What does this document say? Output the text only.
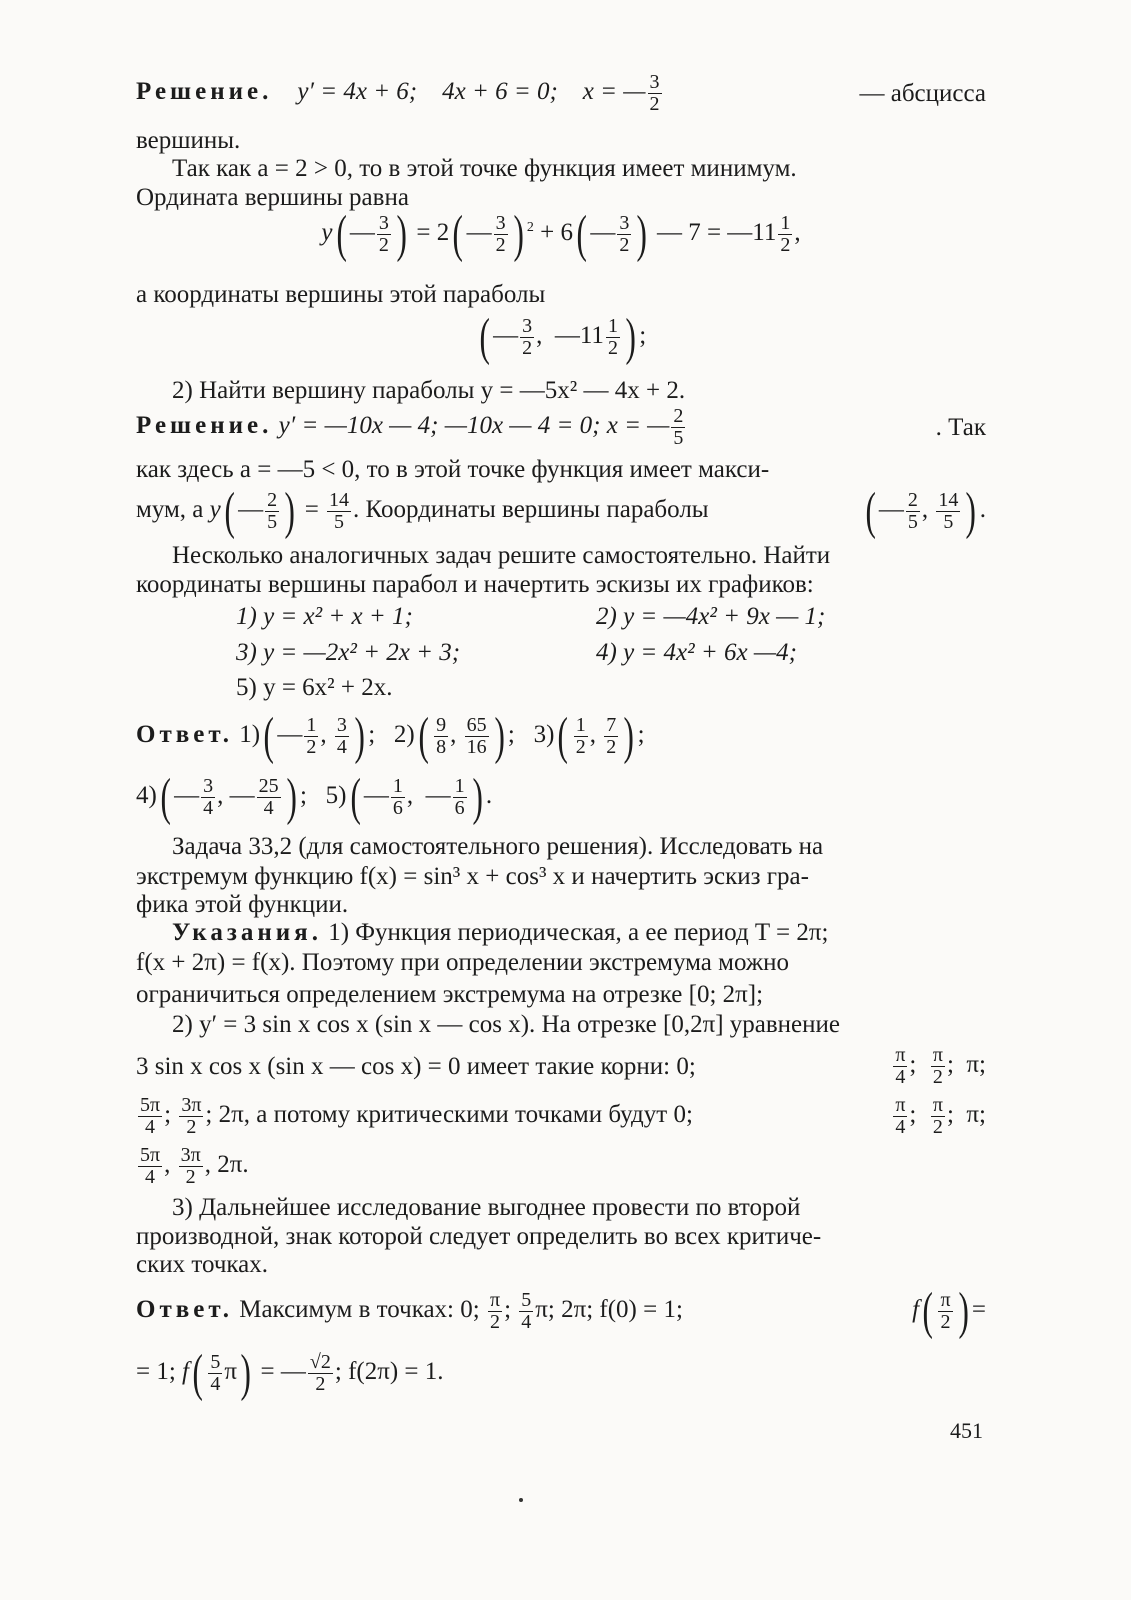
Решение.    y′ = 4x + 6;    4x + 6 = 0;    x = — $\frac{3}{2}$	— абсцисса
вершины.
Так как a = 2 > 0, то в этой точке функция имеет минимум.
Ордината вершины равна
y( — $\frac{3}{2}$ ) = 2( — $\frac{3}{2}$ ) $^2$ + 6( — $\frac{3}{2}$ ) — 7 = —11 $\frac{1}{2}$ ,
а координаты вершины этой параболы
( — $\frac{3}{2}$ ,  —11 $\frac{1}{2}$ ) ;
2) Найти вершину параболы y = —5x² — 4x + 2.
Решение. y′ = —10x — 4; —10x — 4 = 0; x = — $\frac{2}{5}$	. Так
как здесь a = —5 < 0, то в этой точке функция имеет макси-
мум, а y( — $\frac{2}{5}$ ) = $\frac{14}{5}$ . Координаты вершины параболы	( — $\frac{2}{5}$ , $\frac{14}{5}$ ) .
Несколько аналогичных задач решите самостоятельно. Найти
координаты вершины парабол и начертить эскизы их графиков:
1) y = x² + x + 1;	2) y = —4x² + 9x — 1;
3) y = —2x² + 2x + 3;	4) y = 4x² + 6x —4;
5) y = 6x² + 2x.
Ответ. 1)( — $\frac{1}{2}$ , $\frac{3}{4}$ ) ;   $2)( \frac{9}{8}$ , $\frac{65}{16}$ ) ;   $3)( \frac{1}{2}$ , $\frac{7}{2}$ ) ;
4)( — $\frac{3}{4}$ , — $\frac{25}{4}$ ) ;   5)( — $\frac{1}{6}$ ,  — $\frac{1}{6}$ ) .
Задача 33,2 (для самостоятельного решения). Исследовать на
экстремум функцию f(x) = sin³ x + cos³ x и начертить эскиз гра-
фика этой функции.
Указания. 1) Функция периодическая, а ее период T = 2π;
f(x + 2π) = f(x). Поэтому при определении экстремума можно
ограничиться определением экстремума на отрезке [0; 2π];
2) y′ = 3 sin x cos x (sin x — cos x). На отрезке [0,2π] уравнение
3 sin x cos x (sin x — cos x) = 0 имеет такие корни: 0;	$\frac{\pi}{4}$ ; $\frac{\pi}{2}$ ;  π;
$\frac{5\pi}{4}$ ; $\frac{3\pi}{2}$ ; 2π, а потому критическими точками будут 0;	$\frac{\pi}{4}$ ; $\frac{\pi}{2}$ ;  π;
$\frac{5\pi}{4}$ , $\frac{3\pi}{2}$ , 2π.
3) Дальнейшее исследование выгоднее провести по второй
производной, знак которой следует определить во всех критиче-
ских точках.
Ответ. Максимум в точках: 0; $\frac{\pi}{2}$ ; $\frac{5}{4} \pi$; 2π; f(0) = 1;	$f( \frac{\pi}{2}$ ) =
= 1; $f( \frac{5}{4} \pi)$ = — $\frac{√2}{2}$ ; f(2π) = 1.
451
